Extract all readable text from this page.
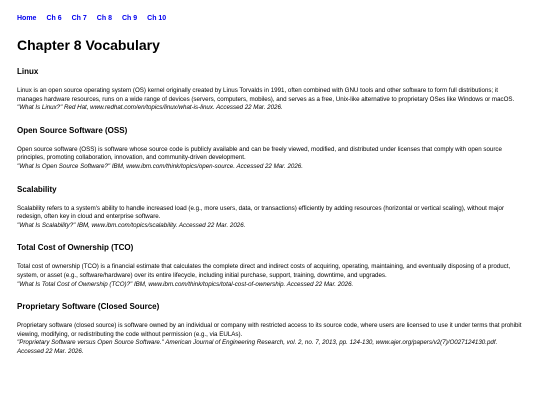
Home Ch 6 Ch 7 Ch 8 Ch 9 Ch 10
Chapter 8 Vocabulary
Linux

Linux is an open source operating system (OS) kernel originally created by Linus Torvalds in 1991, often combined with GNU tools and other software to form full distributions; it manages hardware resources, runs on a wide range of devices (servers, computers, mobiles), and serves as a free, Unix-like alternative to proprietary OSes like Windows or macOS.

"What Is Linux?" Red Hat, www.redhat.com/en/topics/linux/what-is-linux. Accessed 22 Mar. 2026.

Open Source Software (OSS)

Open source software (OSS) is software whose source code is publicly available and can be freely viewed, modified, and distributed under licenses that comply with open source principles, promoting collaboration, innovation, and community-driven development.

"What Is Open Source Software?" IBM, www.ibm.com/think/topics/open-source. Accessed 22 Mar. 2026.

Scalability

Scalability refers to a system's ability to handle increased load (e.g., more users, data, or transactions) efficiently by adding resources (horizontal or vertical scaling), without major redesign, often key in cloud and enterprise software.

"What Is Scalability?" IBM, www.ibm.com/topics/scalability. Accessed 22 Mar. 2026.

Total Cost of Ownership (TCO)

Total cost of ownership (TCO) is a financial estimate that calculates the complete direct and indirect costs of acquiring, operating, maintaining, and eventually disposing of a product, system, or asset (e.g., software/hardware) over its entire lifecycle, including initial purchase, support, training, downtime, and upgrades.

"What Is Total Cost of Ownership (TCO)?" IBM, www.ibm.com/think/topics/total-cost-of-ownership. Accessed 22 Mar. 2026.

Proprietary Software (Closed Source)

Proprietary software (closed source) is software owned by an individual or company with restricted access to its source code, where users are licensed to use it under terms that prohibit viewing, modifying, or redistributing the code without permission (e.g., via EULAs).

"Proprietary Software versus Open Source Software." American Journal of Engineering Research, vol. 2, no. 7, 2013, pp. 124-130, www.ajer.org/papers/v2(7)/O027124130.pdf. Accessed 22 Mar. 2026.
